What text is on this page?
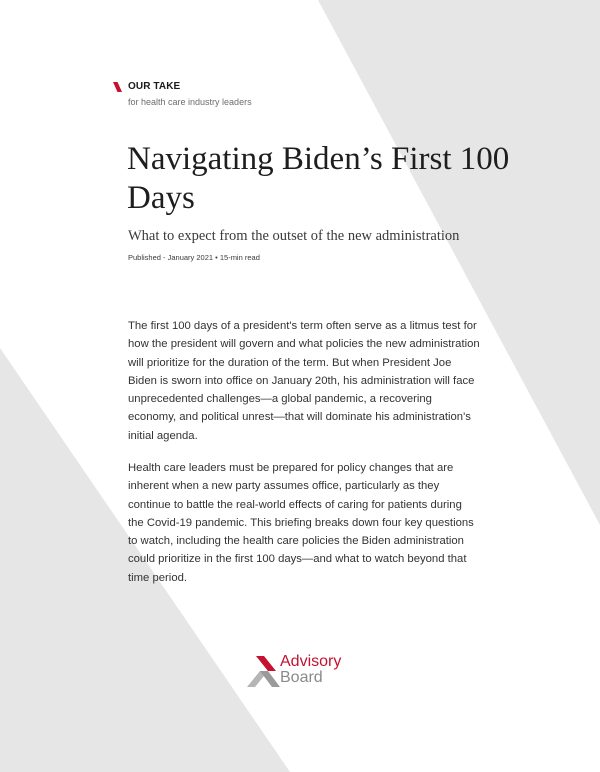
OUR TAKE
for health care industry leaders
Navigating Biden’s First 100 Days
What to expect from the outset of the new administration
Published - January 2021 • 15-min read

The first 100 days of a president's term often serve as a litmus test for how the president will govern and what policies the new administration will prioritize for the duration of the term. But when President Joe Biden is sworn into office on January 20th, his administration will face unprecedented challenges—a global pandemic, a recovering economy, and political unrest—that will dominate his administration's initial agenda.

Health care leaders must be prepared for policy changes that are inherent when a new party assumes office, particularly as they continue to battle the real-world effects of caring for patients during the Covid-19 pandemic. This briefing breaks down four key questions to watch, including the health care policies the Biden administration could prioritize in the first 100 days—and what to watch beyond that time period.

Advisory
Board
